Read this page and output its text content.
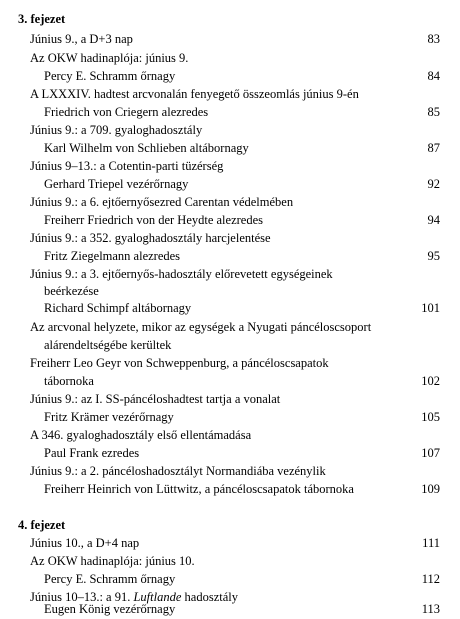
3. fejezet
Június 9., a D+3 nap	83
Az OKW hadinaplója: június 9.
Percy E. Schramm őrnagy	84
A LXXXIV. hadtest arcvonalán fenyegető összeomlás június 9-én
Friedrich von Criegern alezredes	85
Június 9.: a 709. gyaloghadosztály
Karl Wilhelm von Schlieben altábornagy	87
Június 9–13.: a Cotentin-parti tüzérség
Gerhard Triepel vezérőrnagy	92
Június 9.: a 6. ejtőernyősezred Carentan védelmében
Freiherr Friedrich von der Heydte alezredes	94
Június 9.: a 352. gyaloghadosztály harcjelentése
Fritz Ziegelmann alezredes	95
Június 9.: a 3. ejtőernyős-hadosztály előrevetett egységeinek
beérkezése
Richard Schimpf altábornagy	101
Az arcvonal helyzete, mikor az egységek a Nyugati páncéloscsoport
alárendeltségébe kerültek
Freiherr Leo Geyr von Schweppenburg, a páncéloscsapatok
tábornoka	102
Június 9.: az I. SS-páncéloshadtest tartja a vonalat
Fritz Krämer vezérőrnagy	105
A 346. gyaloghadosztály első ellentámadása
Paul Frank ezredes	107
Június 9.: a 2. páncéloshadosztályt Normandiába vezénylik
Freiherr Heinrich von Lüttwitz, a páncéloscsapatok tábornoka	109
4. fejezet
Június 10., a D+4 nap	111
Az OKW hadinaplója: június 10.
Percy E. Schramm őrnagy	112
Június 10–13.: a 91. Luftlande hadosztály
Eugen König vezérőrnagy	113
